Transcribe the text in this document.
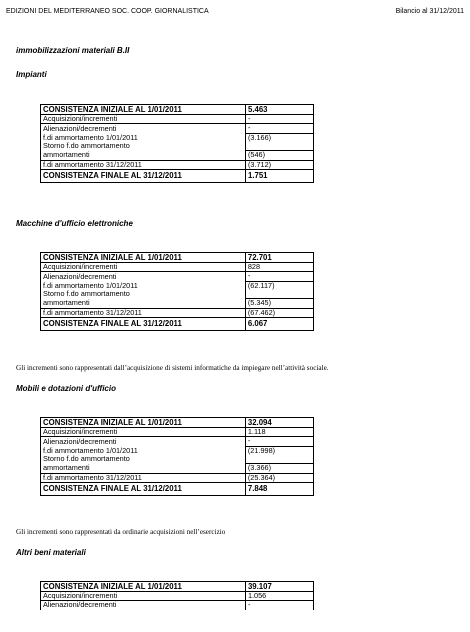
EDIZIONI DEL MEDITERRANEO SOC. COOP. GIORNALISTICA	Bilancio al 31/12/2011
immobilizzazioni materiali B.II
Impianti
CONSISTENZA INIZIALE AL 1/01/2011	5.463
Acquisizioni/incrementi	-
Alienazioni/decrementi	-
f.di ammortamento 1/01/2011	(3.166)
Storno f.do ammortamento	
ammortamenti	(546)
f.di ammortamento 31/12/2011	(3.712)
CONSISTENZA FINALE AL 31/12/2011	1.751
Macchine d'ufficio elettroniche
CONSISTENZA INIZIALE AL 1/01/2011	72.701
Acquisizioni/incrementi	828
Alienazioni/decrementi	-
f.di ammortamento 1/01/2011	(62.117)
Storno f.do ammortamento	
ammortamenti	(5.345)
f.di ammortamento 31/12/2011	(67.462)
CONSISTENZA FINALE AL 31/12/2011	6.067
Gli incrementi sono rappresentati dall’acquisizione di sistemi informatiche da impiegare nell’attività sociale.
Mobili e dotazioni d'ufficio
CONSISTENZA INIZIALE AL 1/01/2011	32.094
Acquisizioni/incrementi	1.118
Alienazioni/decrementi	-
f.di ammortamento 1/01/2011	(21.998)
Storno f.do ammortamento	
ammortamenti	(3.366)
f.di ammortamento 31/12/2011	(25.364)
CONSISTENZA FINALE AL 31/12/2011	7.848
Gli incrementi sono rappresentati da ordinarie acquisizioni nell’esercizio
Altri beni materiali
CONSISTENZA INIZIALE AL 1/01/2011	39.107
Acquisizioni/incrementi	1.056
Alienazioni/decrementi	-
